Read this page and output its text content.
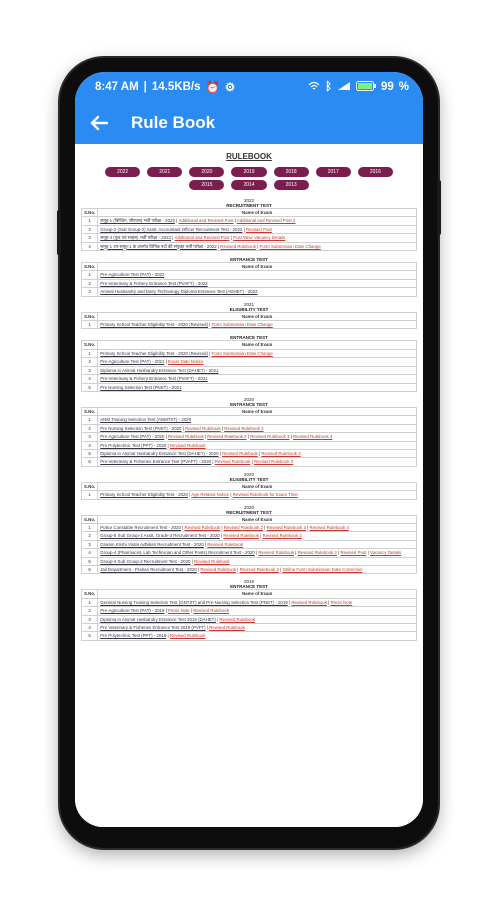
8:47 AM | 14.5KB/s ⏰ ⚙	ᛒ	99 %
Rule Book
RULEBOOK
2022	2021	2020	2019	2018	2017	2016
2015	2014	2013
2022
RECRUITMENT TEST
S.No.	Name of Exam
1	समूह-1 (बिल्डिंग, सीएएस) भर्ती परीक्षा - 2022 | Additional and Revised Post | Additional and Revised Post 2
2	Group-2 (Sub Group-2) Asstt. Accountant Officer Recruitment Test - 2022 | Revised Post
3	समूह-4 (फूड एवं साइंस) भर्ती परीक्षा - 2022 | Additional and Revised Post | Post Wise Vacancy Details
4	समूह-1 उप-समूह-1 के अंतर्गत विभिन्न पदों की संयुक्त भर्ती परीक्षा - 2022 | Revised Rulebook | Form Submission Date Change
ENTRANCE TEST
S.No.	Name of Exam
1	Pre-Agriculture Test (PAT) - 2022
2	Pre-Veterinary & Fishery Entrance Test (PVAFT) - 2022
3	Animal Husbandry and Dairy Technology Diploma Entrance Test (ADHET) - 2022
2021
ELIGIBILITY TEST
S.No.	Name of Exam
1	Primary School Teacher Eligibility Test - 2020 (Revised) | Form Submission Date Change
ENTRANCE TEST
S.No.	Name of Exam
1	Primary School Teacher Eligibility Test - 2020 (Revised) | Form Submission Date Change
2	Pre-Agriculture Test (PAT) - 2021 | Exam Date Notice
3	Diploma in Animal Husbandry Entrance Test (DAHET) - 2021
4	Pre-Veterinary & Fishery Entrance Test (PVAFT) - 2021
5	Pre Nursing Selection Test (PNST) - 2021
2020
ENTRANCE TEST
S.No.	Name of Exam
1	ANM Training Selection Test (ANMTST) - 2020
2	Pre Nursing Selection Test (PNST) - 2020 | Revised Rulebook | Revised Rulebook 2
3	Pre-Agriculture Test (PAT) - 2020 | Revised Rulebook | Revised Rulebook 2 | Revised Rulebook 3 | Revised Rulebook 4
4	Pre Polytechnic Test (PPT) - 2020 | Revised Rulebook
5	Diploma in Animal Husbandry Entrance Test (DAHET) - 2020 | Revised Rulebook | Revised Rulebook 2
6	Pre-Veterinary & Fisheries Entrance Test (PVAFT) - 2020 | Revised Rulebook | Revised Rulebook 2
2020
ELIGIBILITY TEST
S.No.	Name of Exam
1	Primary School Teacher Eligibility Test - 2020 | Age Related Notice | Revised Rulebook for Exam Time
2020
RECRUITMENT TEST
S.No.	Name of Exam
1	Police Constable Recruitment Test - 2020 | Revised Rulebook | Revised Rulebook 2 | Revised Rulebook 3 | Revised Rulebook 4
2	Group-5 Sub Group-2 Asstt. Grade-3 Recruitment Test - 2020 | Revised Rulebook | Revised Rulebook 2
3	Gramin Krishi Vistar Adhikari Recruitment Test - 2020 | Revised Rulebook
4	Group-4 (Pharmacist, Lab Technician and Other Posts) Recruitment Test - 2020 | Revised Rulebook | Revised Rulebook 2 | Revised Post | Vacancy Details
5	Group-4 Sub Group-2 Recruitment Test - 2020 | Revised Rulebook
6	Jail Department - Prahari Recruitment Test - 2020 | Revised Rulebook | Revised Rulebook 2 | Online Form Submission Date Correction
2019
ENTRANCE TEST
S.No.	Name of Exam
1	General Nursing Training Selection Test (GNTST) and Pre-Nursing Selection Test (PNST) - 2019 | Revised Rulebook | Press Note
2	Pre-Agriculture Test (PAT) - 2019 | Press Note | Revised Rulebook
3	Diploma in Animal Husbandry Entrance Test 2019 (DAHET) | Revised Rulebook
4	Pre Veterinary & Fisheries Entrance Test 2019 (PVFT) | Revised Rulebook
5	Pre Polytechnic Test (PPT) - 2019 | Revised Rulebook
